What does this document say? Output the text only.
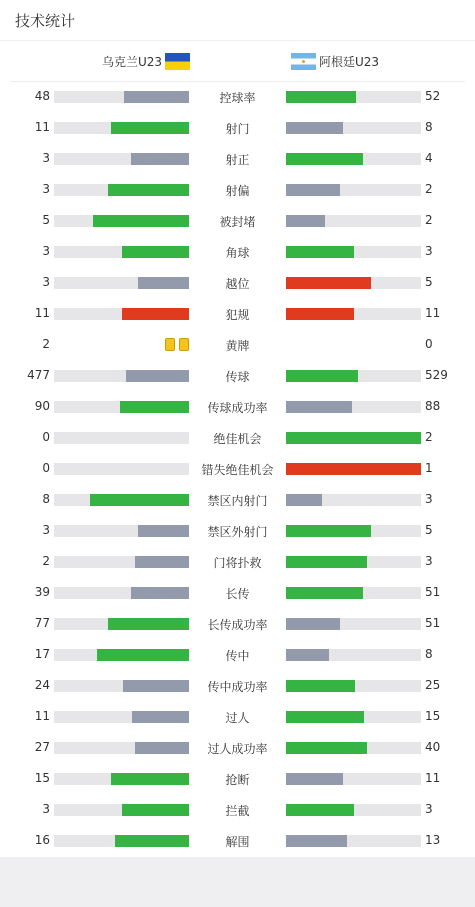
技术统计
乌克兰U23	阿根廷U23
48	控球率	52
11	射门	8
3	射正	4
3	射偏	2
5	被封堵	2
3	角球	3
3	越位	5
11	犯规	11
2	黄牌	0
477	传球	529
90	传球成功率	88
0	绝佳机会	2
0	错失绝佳机会	1
8	禁区内射门	3
3	禁区外射门	5
2	门将扑救	3
39	长传	51
77	长传成功率	51
17	传中	8
24	传中成功率	25
11	过人	15
27	过人成功率	40
15	抢断	11
3	拦截	3
16	解围	13
